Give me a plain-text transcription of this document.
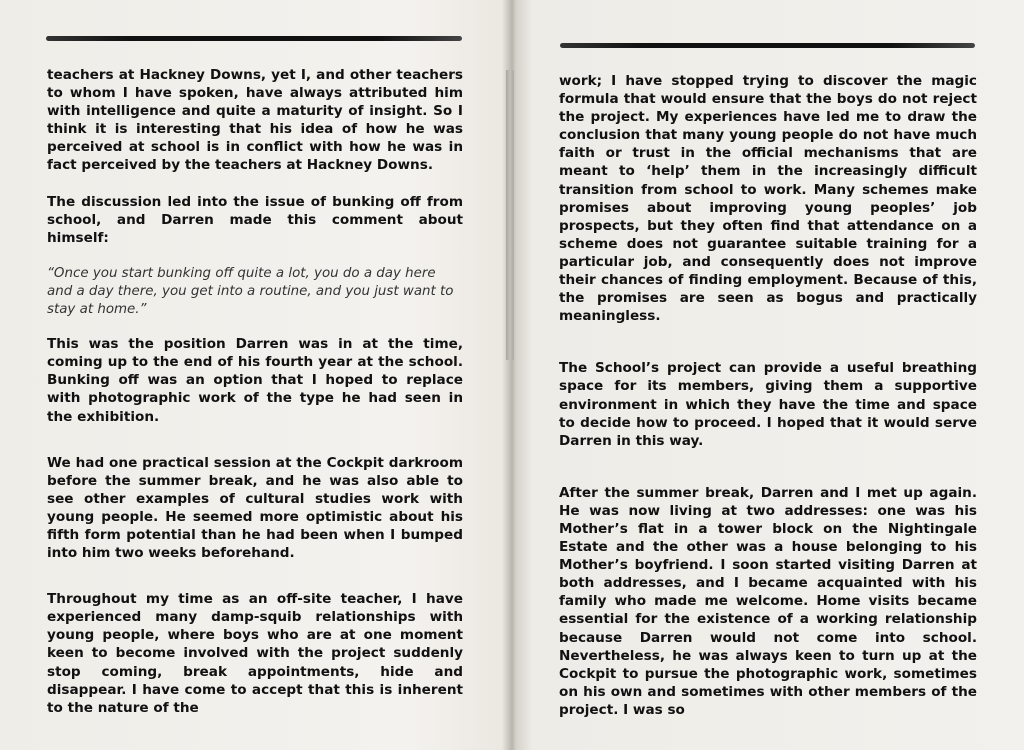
teachers at Hackney Downs, yet I, and other teachers to whom I have spoken, have always attributed him with intelligence and quite a maturity of insight. So I think it is interesting that his idea of how he was perceived at school is in conflict with how he was in fact perceived by the teachers at Hackney Downs.

The discussion led into the issue of bunking off from school, and Darren made this comment about himself:

“Once you start bunking off quite a lot, you do a day here and a day there, you get into a routine, and you just want to stay at home.”

This was the position Darren was in at the time, coming up to the end of his fourth year at the school. Bunking off was an option that I hoped to replace with photographic work of the type he had seen in the exhibition.

We had one practical session at the Cockpit darkroom before the summer break, and he was also able to see other examples of cultural studies work with young people. He seemed more optimistic about his fifth form potential than he had been when I bumped into him two weeks beforehand.

Throughout my time as an off-site teacher, I have experienced many damp-squib relationships with young people, where boys who are at one moment keen to become involved with the project suddenly stop coming, break appointments, hide and disappear. I have come to accept that this is inherent to the nature of the

work; I have stopped trying to discover the magic formula that would ensure that the boys do not reject the project. My experiences have led me to draw the conclusion that many young people do not have much faith or trust in the official mechanisms that are meant to ‘help’ them in the increasingly difficult transition from school to work. Many schemes make promises about improving young peoples’ job prospects, but they often find that attendance on a scheme does not guarantee suitable training for a particular job, and consequently does not improve their chances of finding employment. Because of this, the promises are seen as bogus and practically meaningless.

The School’s project can provide a useful breathing space for its members, giving them a supportive environment in which they have the time and space to decide how to proceed. I hoped that it would serve Darren in this way.

After the summer break, Darren and I met up again. He was now living at two addresses: one was his Mother’s flat in a tower block on the Nightingale Estate and the other was a house belonging to his Mother’s boyfriend. I soon started visiting Darren at both addresses, and I became acquainted with his family who made me welcome. Home visits became essential for the existence of a working relationship because Darren would not come into school. Nevertheless, he was always keen to turn up at the Cockpit to pursue the photographic work, sometimes on his own and sometimes with other members of the project. I was so
